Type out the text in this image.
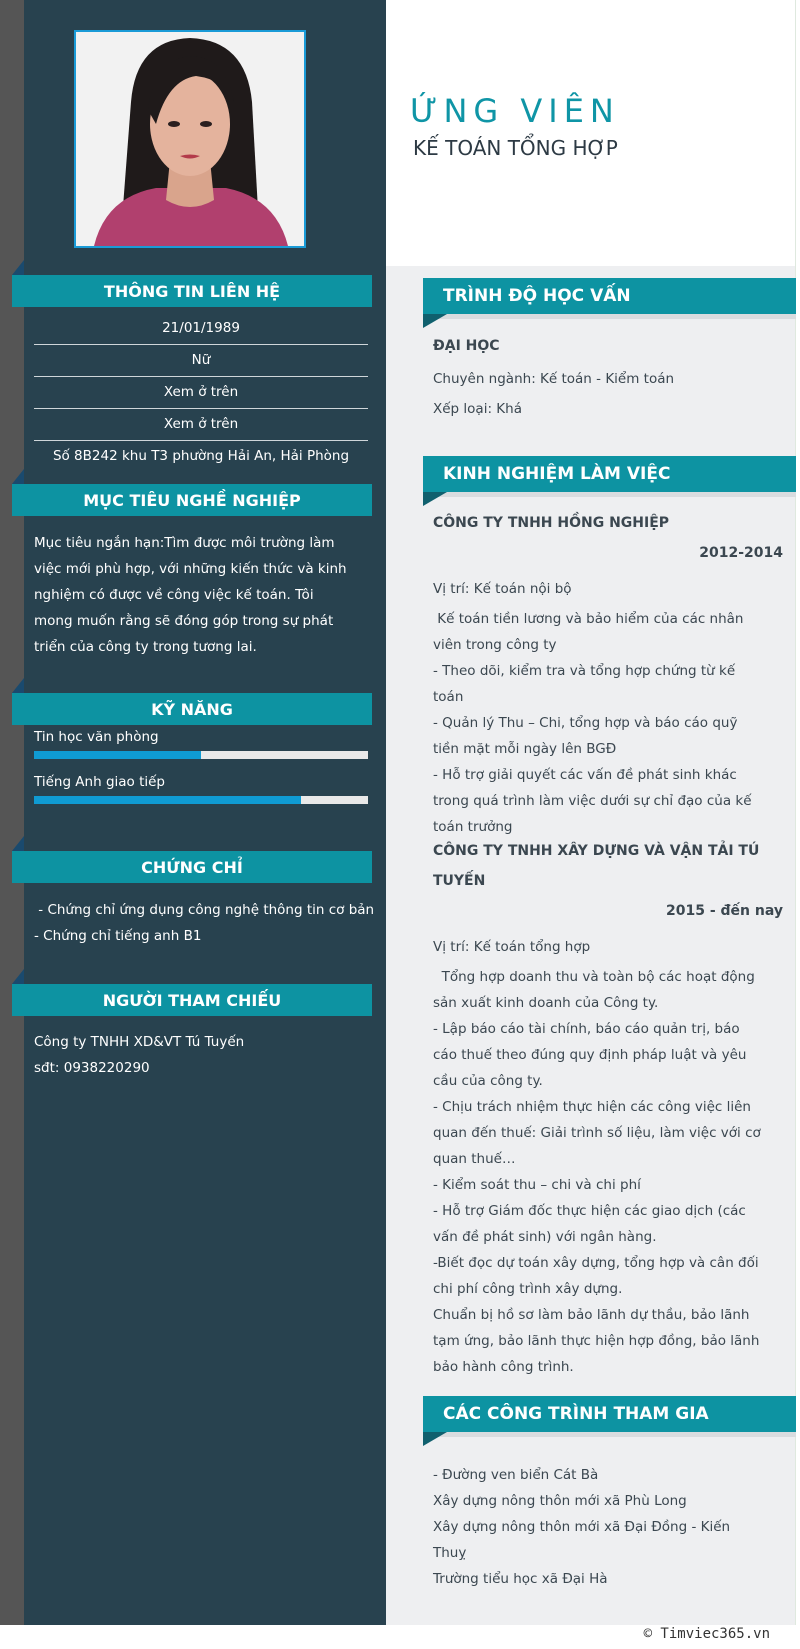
ỨNG VIÊN
KẾ TOÁN TỔNG HỢP
THÔNG TIN LIÊN HỆ
21/01/1989
Nữ
Xem ở trên
Xem ở trên
Số 8B242 khu T3 phường Hải An, Hải Phòng
MỤC TIÊU NGHỀ NGHIỆP

Mục tiêu ngắn hạn:Tìm được môi trường làm việc mới phù hợp, với những kiến thức và kinh nghiệm có được về công việc kế toán. Tôi mong muốn rằng sẽ đóng góp trong sự phát triển của công ty trong tương lai.

KỸ NĂNG
Tin học văn phòng
Tiếng Anh giao tiếp
CHỨNG CHỈ
- Chứng chỉ ứng dụng công nghệ thông tin cơ bản
- Chứng chỉ tiếng anh B1
NGƯỜI THAM CHIẾU
Công ty TNHH XD&VT Tú Tuyến
sđt: 0938220290
TRÌNH ĐỘ HỌC VẤN

ĐẠI HỌC

Chuyên ngành: Kế toán - Kiểm toán

Xếp loại: Khá

KINH NGHIỆM LÀM VIỆC

CÔNG TY TNHH HỒNG NGHIỆP

2012-2014

Vị trí: Kế toán nội bộ

Kế toán tiền lương và bảo hiểm của các nhân viên trong công ty

- Theo dõi, kiểm tra và tổng hợp chứng từ kế toán

- Quản lý Thu – Chi, tổng hợp và báo cáo quỹ tiền mặt mỗi ngày lên BGĐ

- Hỗ trợ giải quyết các vấn đề phát sinh khác trong quá trình làm việc dưới sự chỉ đạo của kế toán trưởng

CÔNG TY TNHH XÂY DỰNG VÀ VẬN TẢI TÚ TUYẾN

2015 - đến nay

Vị trí: Kế toán tổng hợp

Tổng hợp doanh thu và toàn bộ các hoạt động sản xuất kinh doanh của Công ty.

- Lập báo cáo tài chính, báo cáo quản trị, báo cáo thuế theo đúng quy định pháp luật và yêu cầu của công ty.

- Chịu trách nhiệm thực hiện các công việc liên quan đến thuế: Giải trình số liệu, làm việc với cơ quan thuế…

- Kiểm soát thu – chi và chi phí

- Hỗ trợ Giám đốc thực hiện các giao dịch (các vấn đề phát sinh) với ngân hàng.

-Biết đọc dự toán xây dựng, tổng hợp và cân đối chi phí công trình xây dựng.

Chuẩn bị hồ sơ làm bảo lãnh dự thầu, bảo lãnh tạm ứng, bảo lãnh thực hiện hợp đồng, bảo lãnh bảo hành công trình.

CÁC CÔNG TRÌNH THAM GIA

- Đường ven biển Cát Bà

Xây dựng nông thôn mới xã Phù Long

Xây dựng nông thôn mới xã Đại Đồng - Kiến Thuỵ

Trường tiểu học xã Đại Hà

© Timviec365.vn
